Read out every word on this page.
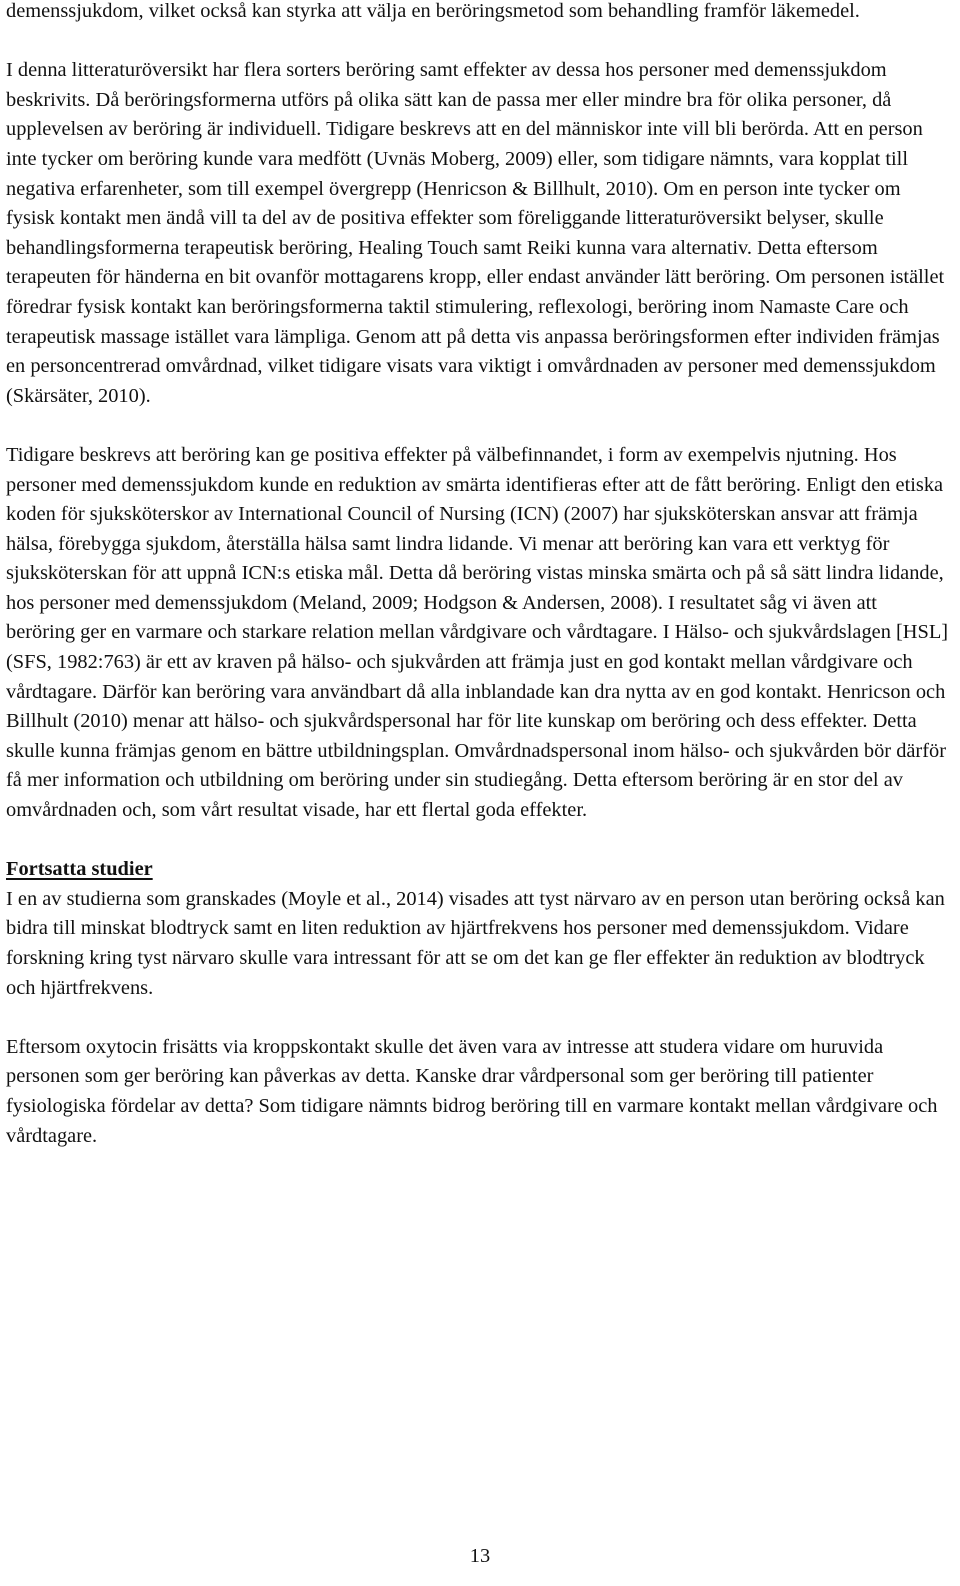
demenssjukdom, vilket också kan styrka att välja en beröringsmetod som behandling framför läkemedel.

I denna litteraturöversikt har flera sorters beröring samt effekter av dessa hos personer med demenssjukdom beskrivits. Då beröringsformerna utförs på olika sätt kan de passa mer eller mindre bra för olika personer, då upplevelsen av beröring är individuell. Tidigare beskrevs att en del människor inte vill bli berörda. Att en person inte tycker om beröring kunde vara medfött (Uvnäs Moberg, 2009) eller, som tidigare nämnts, vara kopplat till negativa erfarenheter, som till exempel övergrepp (Henricson & Billhult, 2010). Om en person inte tycker om fysisk kontakt men ändå vill ta del av de positiva effekter som föreliggande litteraturöversikt belyser, skulle behandlingsformerna terapeutisk beröring, Healing Touch samt Reiki kunna vara alternativ. Detta eftersom terapeuten för händerna en bit ovanför mottagarens kropp, eller endast använder lätt beröring. Om personen istället föredrar fysisk kontakt kan beröringsformerna taktil stimulering, reflexologi, beröring inom Namaste Care och terapeutisk massage istället vara lämpliga. Genom att på detta vis anpassa beröringsformen efter individen främjas en personcentrerad omvårdnad, vilket tidigare visats vara viktigt i omvårdnaden av personer med demenssjukdom (Skärsäter, 2010).

Tidigare beskrevs att beröring kan ge positiva effekter på välbefinnandet, i form av exempelvis njutning. Hos personer med demenssjukdom kunde en reduktion av smärta identifieras efter att de fått beröring. Enligt den etiska koden för sjuksköterskor av International Council of Nursing (ICN) (2007) har sjuksköterskan ansvar att främja hälsa, förebygga sjukdom, återställa hälsa samt lindra lidande. Vi menar att beröring kan vara ett verktyg för sjuksköterskan för att uppnå ICN:s etiska mål. Detta då beröring vistas minska smärta och på så sätt lindra lidande, hos personer med demenssjukdom (Meland, 2009; Hodgson & Andersen, 2008). I resultatet såg vi även att beröring ger en varmare och starkare relation mellan vårdgivare och vårdtagare. I Hälso- och sjukvårdslagen [HSL] (SFS, 1982:763) är ett av kraven på hälso- och sjukvården att främja just en god kontakt mellan vårdgivare och vårdtagare. Därför kan beröring vara användbart då alla inblandade kan dra nytta av en god kontakt. Henricson och Billhult (2010) menar att hälso- och sjukvårdspersonal har för lite kunskap om beröring och dess effekter. Detta skulle kunna främjas genom en bättre utbildningsplan. Omvårdnadspersonal inom hälso- och sjukvården bör därför få mer information och utbildning om beröring under sin studiegång. Detta eftersom beröring är en stor del av omvårdnaden och, som vårt resultat visade, har ett flertal goda effekter.

Fortsatta studier

I en av studierna som granskades (Moyle et al., 2014) visades att tyst närvaro av en person utan beröring också kan bidra till minskat blodtryck samt en liten reduktion av hjärtfrekvens hos personer med demenssjukdom. Vidare forskning kring tyst närvaro skulle vara intressant för att se om det kan ge fler effekter än reduktion av blodtryck och hjärtfrekvens.

Eftersom oxytocin frisätts via kroppskontakt skulle det även vara av intresse att studera vidare om huruvida personen som ger beröring kan påverkas av detta. Kanske drar vårdpersonal som ger beröring till patienter fysiologiska fördelar av detta? Som tidigare nämnts bidrog beröring till en varmare kontakt mellan vårdgivare och vårdtagare.

13
